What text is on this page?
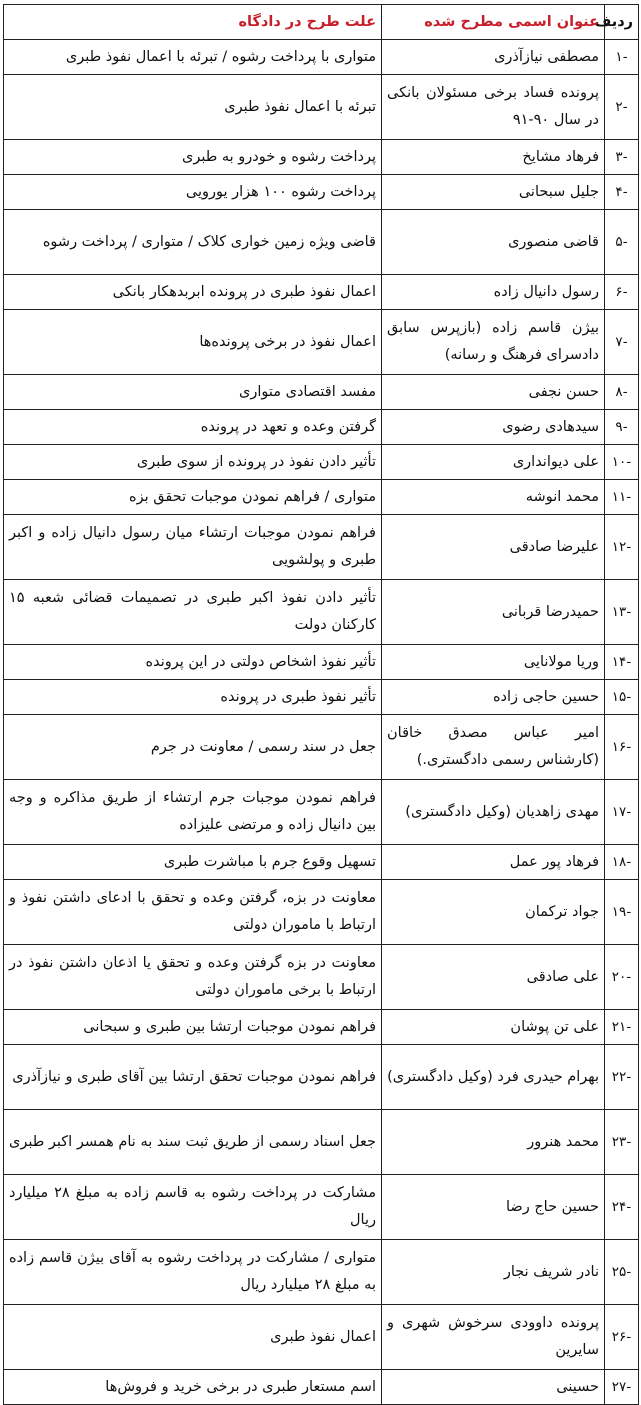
ردیف	عنوان اسمی مطرح شده	علت طرح در دادگاه
-۱	مصطفی نیازآذری	متواری با پرداخت رشوه / تبرئه با اعمال نفوذ طبری
-۲	پرونده فساد برخی مسئولان بانکی در سال ۹۰-۹۱	تبرئه با اعمال نفوذ طبری
-۳	فرهاد مشایخ	پرداخت رشوه و خودرو به طبری
-۴	جلیل سبحانی	پرداخت رشوه ۱۰۰ هزار یورویی
-۵	قاضی منصوری	قاضی ویژه زمین خواری کلاک / متواری / پرداخت رشوه
-۶	رسول دانیال زاده	اعمال نفوذ طبری در پرونده ابربدهکار بانکی
-۷	بیژن قاسم زاده (بازپرس سابق دادسرای فرهنگ و رسانه)	اعمال نفوذ در برخی پرونده‌ها
-۸	حسن نجفی	مفسد اقتصادی متواری
-۹	سیدهادی رضوی	گرفتن وعده و تعهد در پرونده
-۱۰	علی دیوانداری	تأثیر دادن نفوذ در پرونده از سوی طبری
-۱۱	محمد انوشه	متواری / فراهم نمودن موجبات تحقق بزه
-۱۲	علیرضا صادقی	فراهم نمودن موجبات ارتشاء میان رسول دانیال زاده و اکبر طبری و پولشویی
-۱۳	حمیدرضا قربانی	تأثیر دادن نفوذ اکبر طبری در تصمیمات قضائی شعبه ۱۵ کارکنان دولت
-۱۴	وریا مولانایی	تأثیر نفوذ اشخاص دولتی در این پرونده
-۱۵	حسین حاجی زاده	تأثیر نفوذ طبری در پرونده
-۱۶	امیر عباس مصدق خاقان (کارشناس رسمی دادگستری.)	جعل در سند رسمی / معاونت در جرم
-۱۷	مهدی زاهدیان (وکیل دادگستری)	فراهم نمودن موجبات جرم ارتشاء از طریق مذاکره و وجه بین دانیال زاده و مرتضی علیزاده
-۱۸	فرهاد پور عمل	تسهیل وقوع جرم با مباشرت طبری
-۱۹	جواد ترکمان	معاونت در بزه، گرفتن وعده و تحقق با ادعای داشتن نفوذ و ارتباط با ماموران دولتی
-۲۰	علی صادقی	معاونت در بزه گرفتن وعده و تحقق یا اذعان داشتن نفوذ در ارتباط با برخی ماموران دولتی
-۲۱	علی تن پوشان	فراهم نمودن موجبات ارتشا بین طبری و سبحانی
-۲۲	بهرام حیدری فرد (وکیل دادگستری)	فراهم نمودن موجبات تحقق ارتشا بین آقای طبری و نیازآذری
-۲۳	محمد هنرور	جعل اسناد رسمی از طریق ثبت سند به نام همسر اکبر طبری
-۲۴	حسین حاج رضا	مشارکت در پرداخت رشوه به قاسم زاده به مبلغ ۲۸ میلیارد ریال
-۲۵	نادر شریف نجار	متواری / مشارکت در پرداخت رشوه به آقای بیژن قاسم زاده به مبلغ ۲۸ میلیارد ریال
-۲۶	پرونده داوودی سرخوش شهری و سایرین	اعمال نفوذ طبری
-۲۷	حسینی	اسم مستعار طبری در برخی خرید و فروش‌ها
